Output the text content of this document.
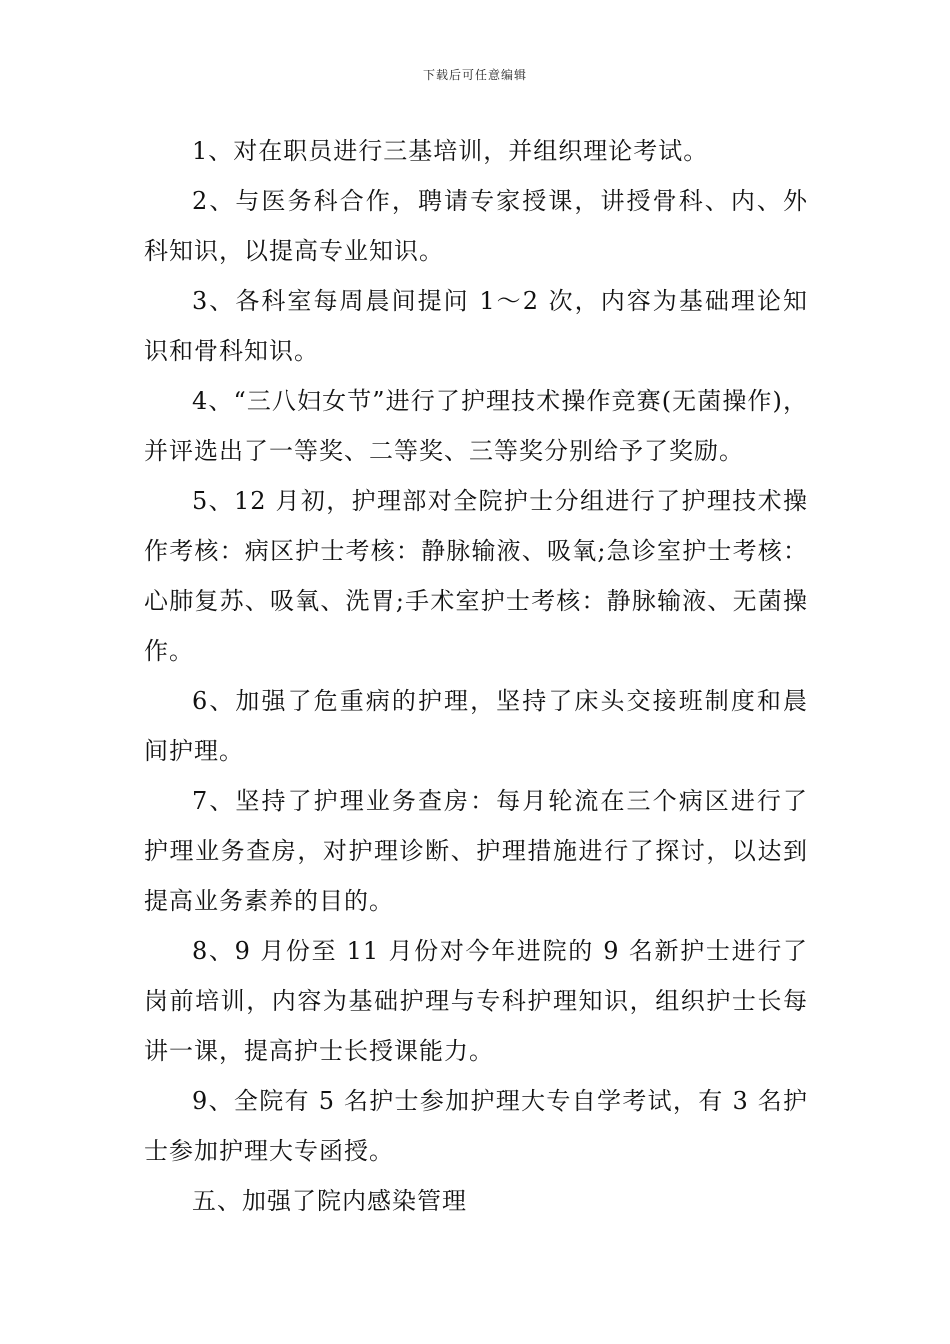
下载后可任意编辑

1、对在职员进行三基培训，并组织理论考试。

2、与医务科合作，聘请专家授课，讲授骨科、内、外科知识，以提高专业知识。

3、各科室每周晨间提问 1～2 次，内容为基础理论知识和骨科知识。

4、“三八妇女节”进行了护理技术操作竞赛(无菌操作)，并评选出了一等奖、二等奖、三等奖分别给予了奖励。

5、12 月初，护理部对全院护士分组进行了护理技术操作考核：病区护士考核：静脉输液、吸氧;急诊室护士考核：心肺复苏、吸氧、洗胃;手术室护士考核：静脉输液、无菌操作。

6、加强了危重病的护理，坚持了床头交接班制度和晨间护理。

7、坚持了护理业务查房：每月轮流在三个病区进行了护理业务查房，对护理诊断、护理措施进行了探讨，以达到提高业务素养的目的。

8、9 月份至 11 月份对今年进院的 9 名新护士进行了岗前培训，内容为基础护理与专科护理知识，组织护士长每讲一课，提高护士长授课能力。

9、全院有 5 名护士参加护理大专自学考试，有 3 名护士参加护理大专函授。

五、加强了院内感染管理
